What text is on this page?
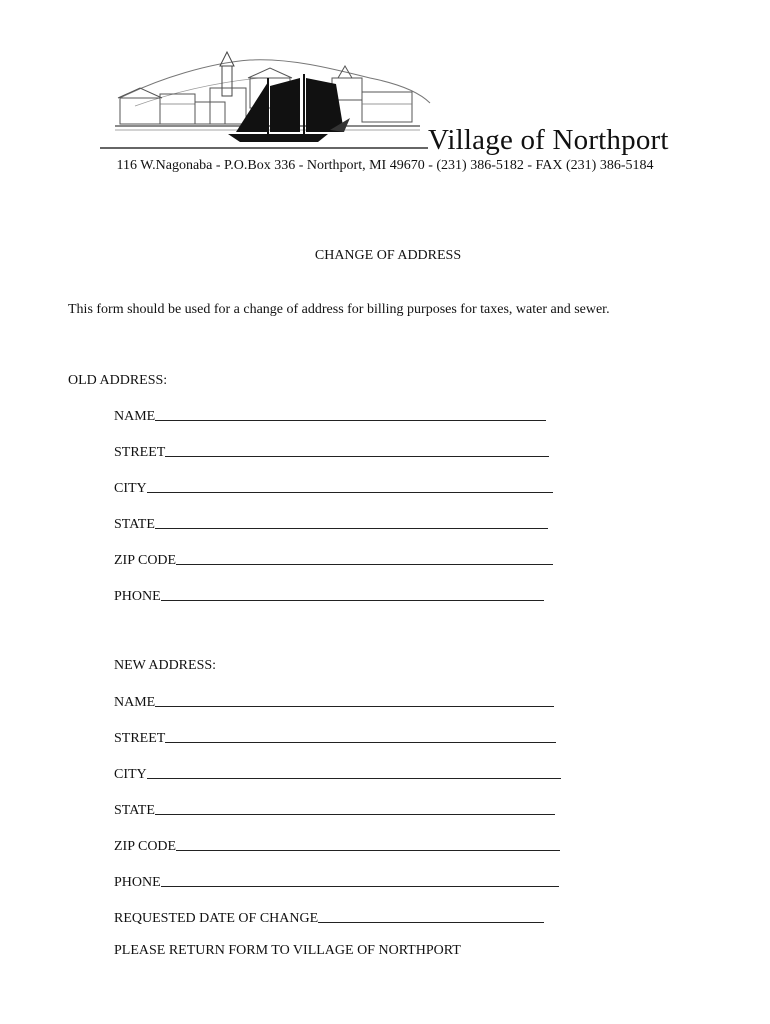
Village of Northport
116 W.Nagonaba - P.O.Box 336 - Northport, MI 49670 - (231) 386-5182 - FAX (231) 386-5184
CHANGE OF ADDRESS
This form should be used for a change of address for billing purposes for taxes, water and sewer.
OLD ADDRESS:
NAME
STREET
CITY
STATE
ZIP CODE
PHONE
NEW ADDRESS:
NAME
STREET
CITY
STATE
ZIP CODE
PHONE
REQUESTED DATE OF CHANGE
PLEASE RETURN FORM TO VILLAGE OF NORTHPORT
